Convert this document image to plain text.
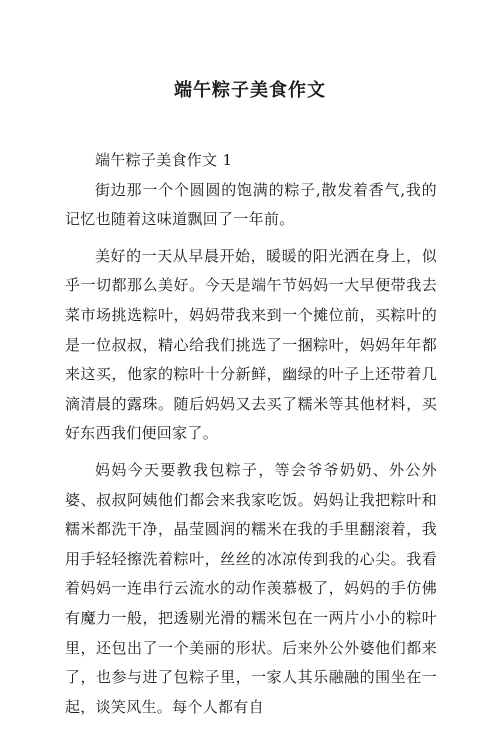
端午粽子美食作文

端午粽子美食作文 1

街边那一个个圆圆的饱满的粽子,散发着香气,我的记忆也随着这味道飘回了一年前。

美好的一天从早晨开始，暖暖的阳光洒在身上，似乎一切都那么美好。今天是端午节妈妈一大早便带我去菜市场挑选粽叶，妈妈带我来到一个摊位前，买粽叶的是一位叔叔，精心给我们挑选了一捆粽叶，妈妈年年都来这买，他家的粽叶十分新鲜，幽绿的叶子上还带着几滴清晨的露珠。随后妈妈又去买了糯米等其他材料，买好东西我们便回家了。

妈妈今天要教我包粽子，等会爷爷奶奶、外公外婆、叔叔阿姨他们都会来我家吃饭。妈妈让我把粽叶和糯米都洗干净，晶莹圆润的糯米在我的手里翻滚着，我用手轻轻擦洗着粽叶，丝丝的冰凉传到我的心尖。我看着妈妈一连串行云流水的动作羡慕极了，妈妈的手仿佛有魔力一般，把透剔光滑的糯米包在一两片小小的粽叶里，还包出了一个美丽的形状。后来外公外婆他们都来了，也参与进了包粽子里，一家人其乐融融的围坐在一起，谈笑风生。每个人都有自
